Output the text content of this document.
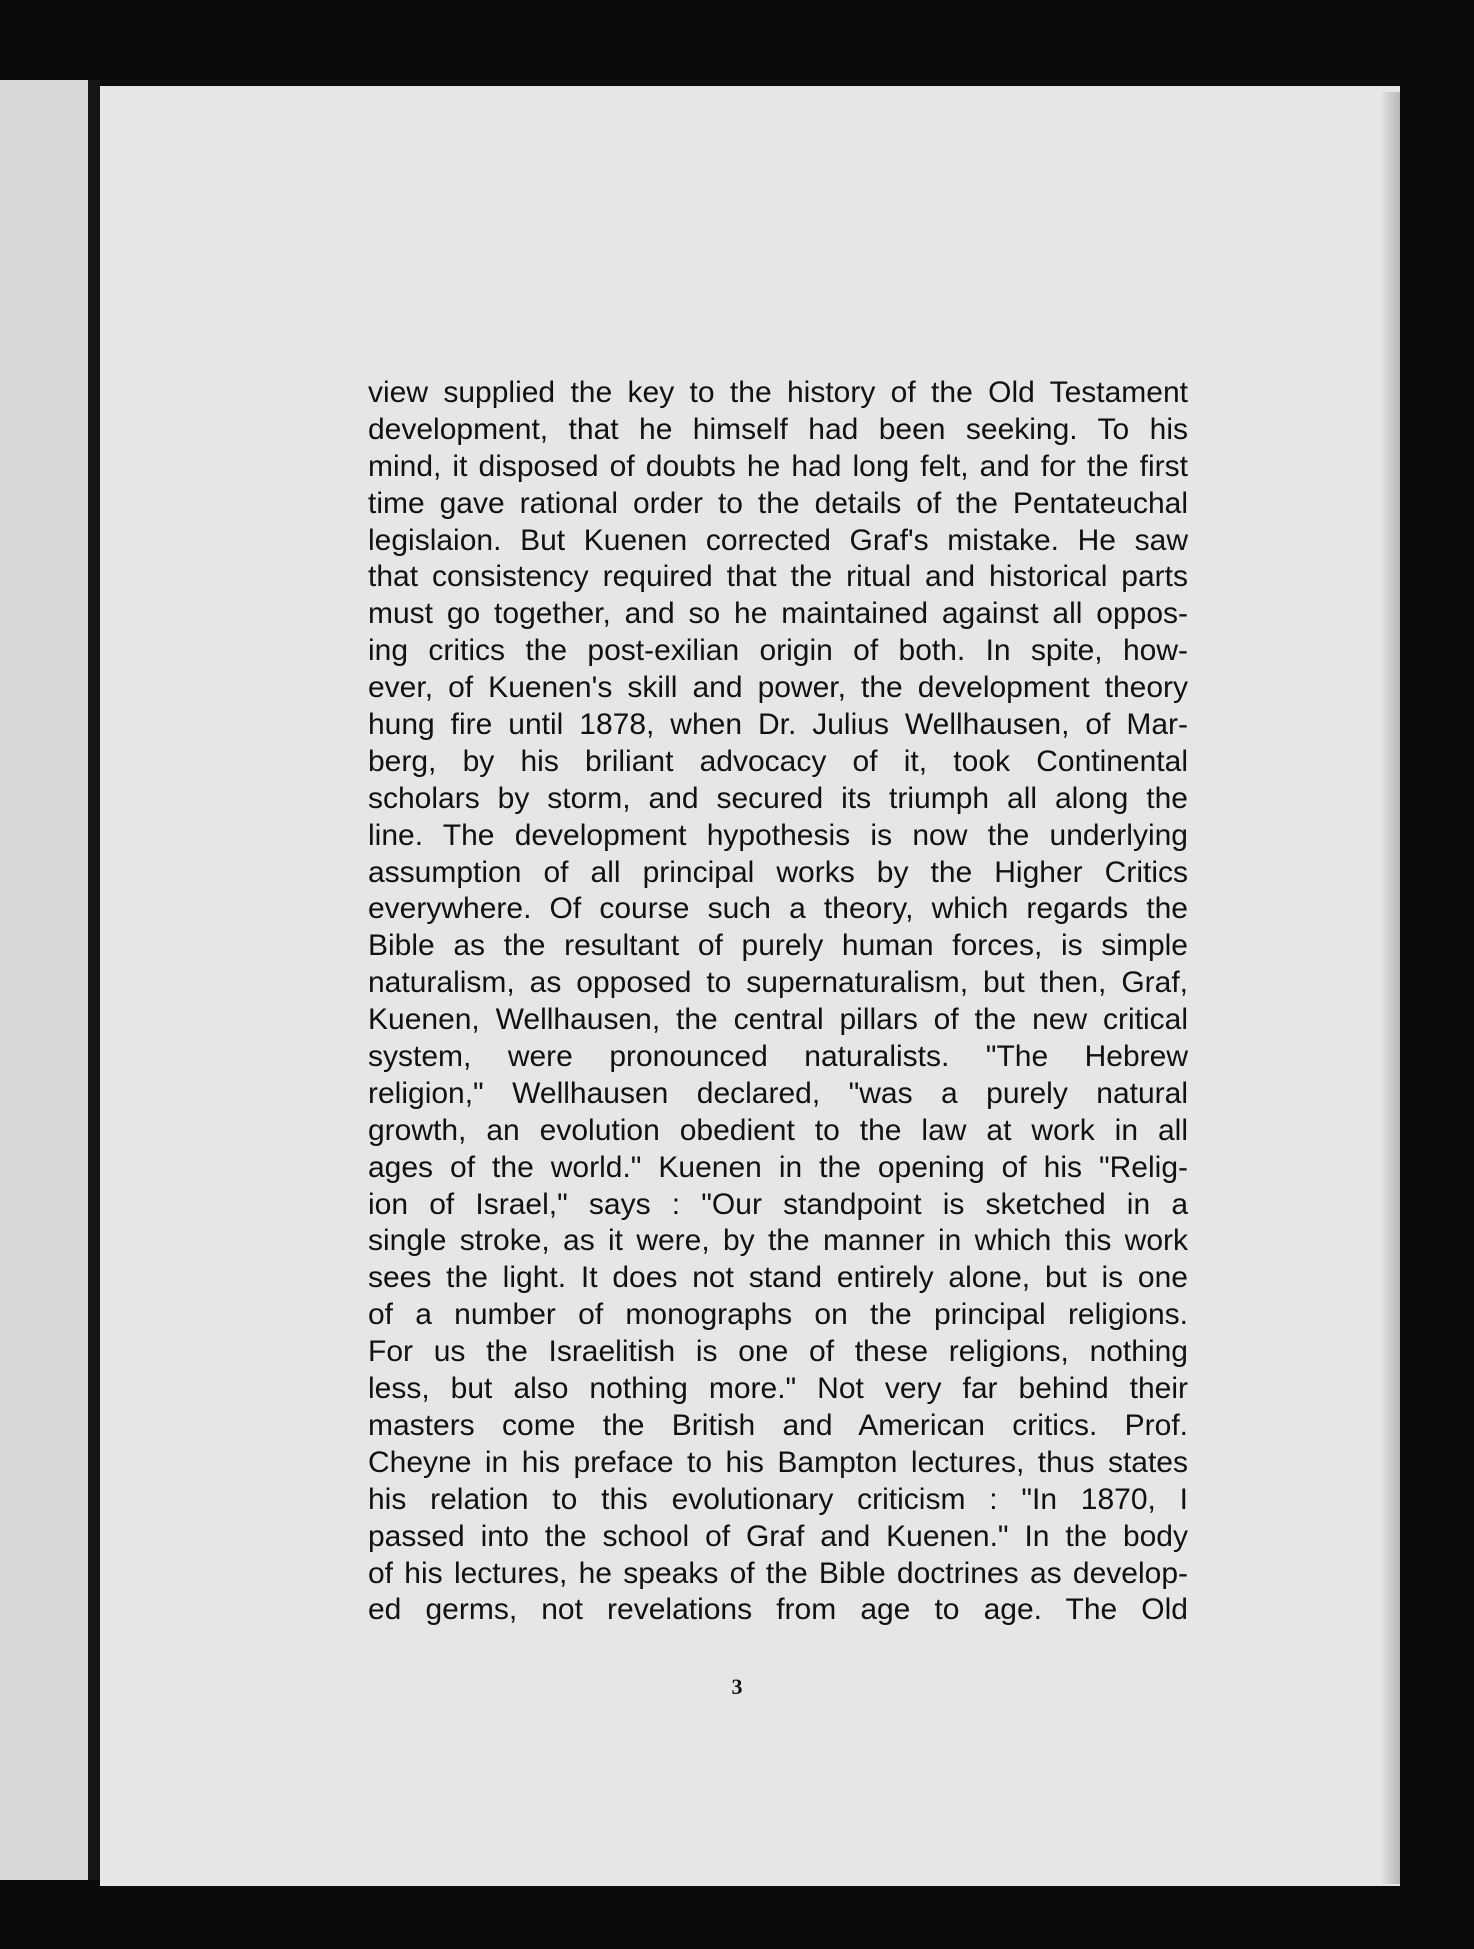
view supplied the key to the history of the Old Testament
development, that he himself had been seeking. To his
mind, it disposed of doubts he had long felt, and for the first
time gave rational order to the details of the Pentateuchal
legislaion. But Kuenen corrected Graf's mistake. He saw
that consistency required that the ritual and historical parts
must go together, and so he maintained against all oppos-
ing critics the post-exilian origin of both. In spite, how-
ever, of Kuenen's skill and power, the development theory
hung fire until 1878, when Dr. Julius Wellhausen, of Mar-
berg, by his briliant advocacy of it, took Continental
scholars by storm, and secured its triumph all along the
line. The development hypothesis is now the underlying
assumption of all principal works by the Higher Critics
everywhere. Of course such a theory, which regards the
Bible as the resultant of purely human forces, is simple
naturalism, as opposed to supernaturalism, but then, Graf,
Kuenen, Wellhausen, the central pillars of the new critical
system, were pronounced naturalists. "The Hebrew
religion," Wellhausen declared, "was a purely natural
growth, an evolution obedient to the law at work in all
ages of the world." Kuenen in the opening of his "Relig-
ion of Israel," says : "Our standpoint is sketched in a
single stroke, as it were, by the manner in which this work
sees the light. It does not stand entirely alone, but is one
of a number of monographs on the principal religions.
For us the Israelitish is one of these religions, nothing
less, but also nothing more." Not very far behind their
masters come the British and American critics. Prof.
Cheyne in his preface to his Bampton lectures, thus states
his relation to this evolutionary criticism : "In 1870, I
passed into the school of Graf and Kuenen." In the body
of his lectures, he speaks of the Bible doctrines as develop-
ed germs, not revelations from age to age. The Old
3
